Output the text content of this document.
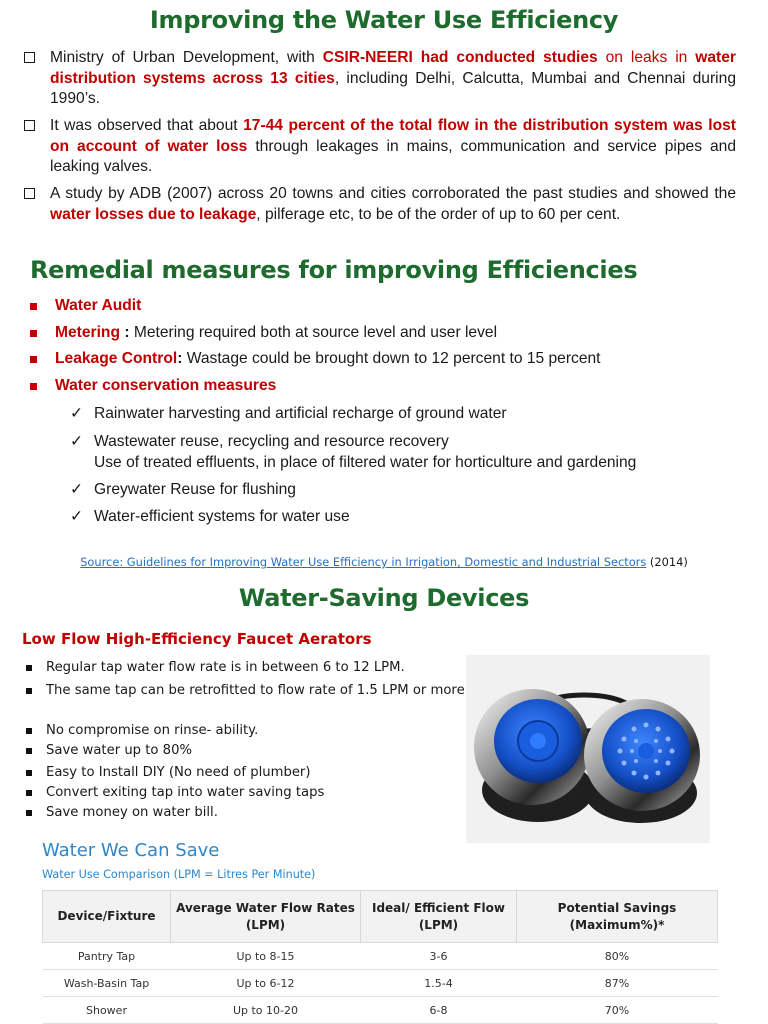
Improving the Water Use Efficiency
Ministry of Urban Development, with CSIR-NEERI had conducted studies on leaks in water distribution systems across 13 cities, including Delhi, Calcutta, Mumbai and Chennai during 1990’s.
It was observed that about 17-44 percent of the total flow in the distribution system was lost on account of water loss through leakages in mains, communication and service pipes and leaking valves.
A study by ADB (2007) across 20 towns and cities corroborated the past studies and showed the water losses due to leakage, pilferage etc, to be of the order of up to 60 per cent.
Remedial measures for improving Efficiencies
Water Audit
Metering : Metering required both at source level and user level
Leakage Control: Wastage could be brought down to 12 percent to 15 percent
Water conservation measures
✓ Rainwater harvesting and artificial recharge of ground water
✓ Wastewater reuse, recycling and resource recovery
Use of treated effluents, in place of filtered water for horticulture and gardening
✓ Greywater Reuse for flushing
✓ Water-efficient systems for water use
Source: Guidelines for Improving Water Use Efficiency in Irrigation, Domestic and Industrial Sectors (2014)
Water-Saving Devices
Low Flow High-Efficiency Faucet Aerators
Regular tap water flow rate is in between 6 to 12 LPM.
The same tap can be retrofitted to flow rate of 1.5 LPM or more
No compromise on rinse- ability.
Save water up to 80%
Easy to Install DIY (No need of plumber)
Convert exiting tap into water saving taps
Save money on water bill.
Water We Can Save
Water Use Comparison (LPM = Litres Per Minute)
Device/Fixture	Average Water Flow Rates (LPM)	Ideal/ Efficient Flow (LPM)	Potential Savings (Maximum%)*
Pantry Tap	Up to 8-15	3-6	80%
Wash-Basin Tap	Up to 6-12	1.5-4	87%
Shower	Up to 10-20	6-8	70%
